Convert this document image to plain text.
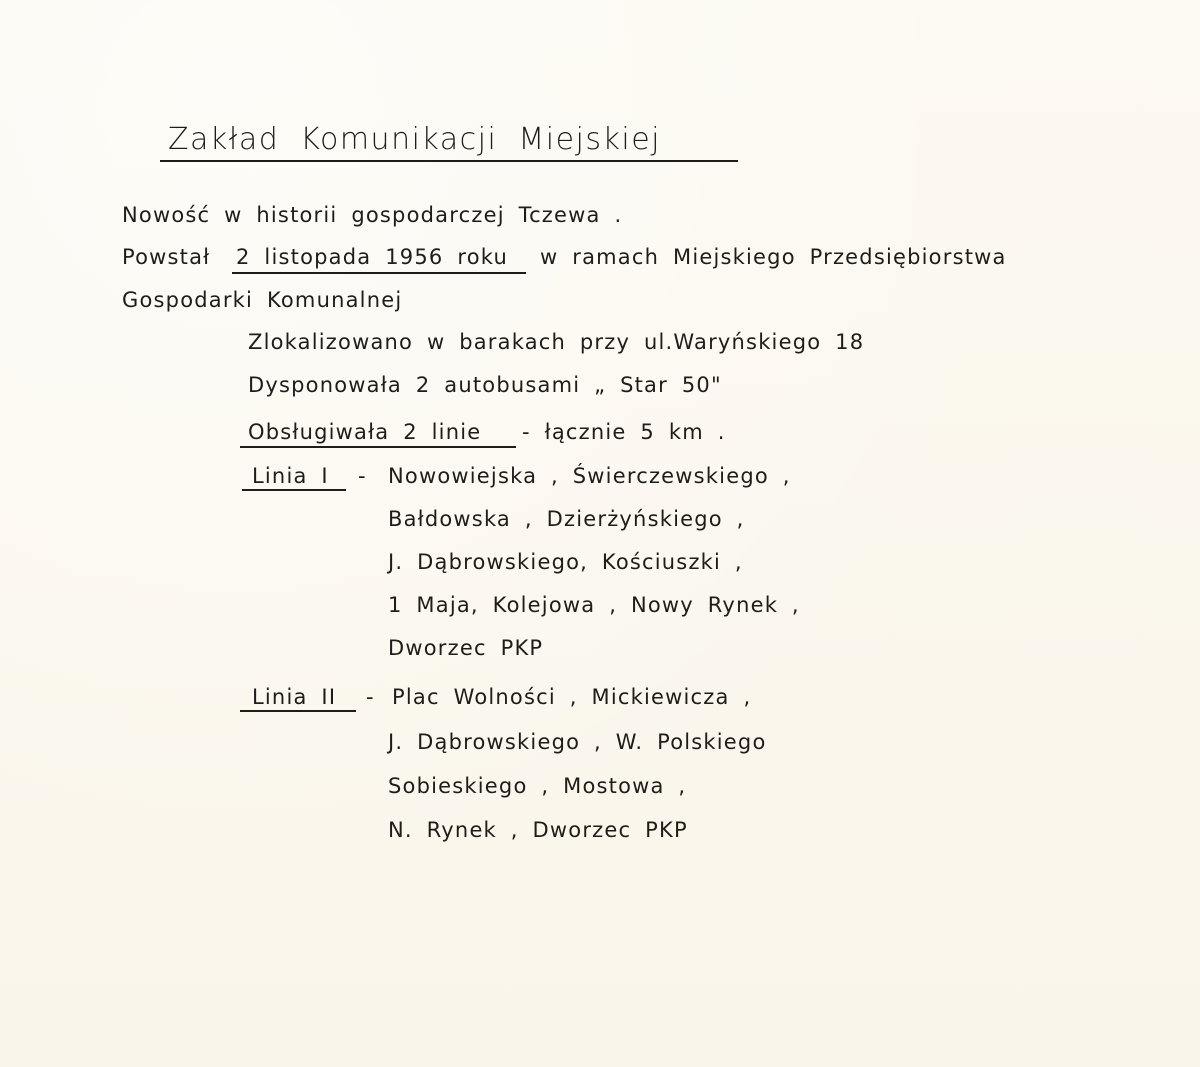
Zakład Komunikacji Miejskiej
Nowość w historii gospodarczej Tczewa .
Powstał 2 listopada 1956 roku w ramach Miejskiego Przedsiębiorstwa
Gospodarki Komunalnej
Zlokalizowano w barakach przy ul.Waryńskiego 18
Dysponowała 2 autobusami „ Star 50"
Obsługiwała 2 linie - łącznie 5 km .
Linia I - Nowowiejska , Świerczewskiego ,
Bałdowska , Dzierżyńskiego ,
J. Dąbrowskiego, Kościuszki ,
1 Maja, Kolejowa , Nowy Rynek ,
Dworzec PKP
Linia II - Plac Wolności , Mickiewicza ,
J. Dąbrowskiego , W. Polskiego
Sobieskiego , Mostowa ,
N. Rynek , Dworzec PKP
